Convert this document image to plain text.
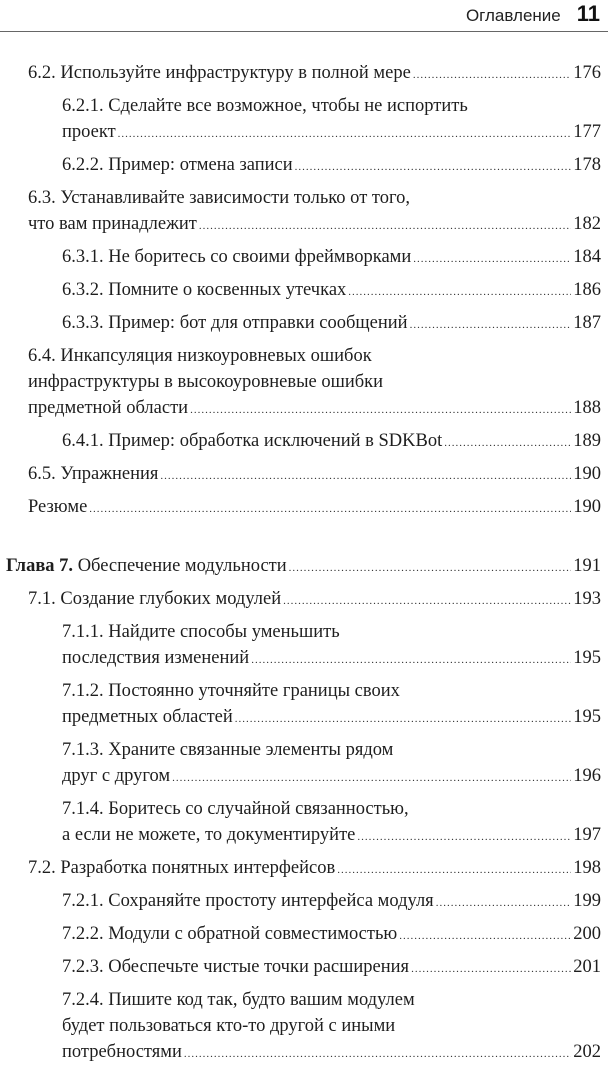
Оглавление 11
6.2. Используйте инфраструктуру в полной мере .....	176
6.2.1. Сделайте все возможное, чтобы не испортить
проект .....	177
6.2.2. Пример: отмена записи .....	178
6.3. Устанавливайте зависимости только от того,
что вам принадлежит .....	182
6.3.1. Не боритесь со своими фреймворками .....	184
6.3.2. Помните о косвенных утечках .....	186
6.3.3. Пример: бот для отправки сообщений .....	187
6.4. Инкапсуляция низкоуровневых ошибок
инфраструктуры в высокоуровневые ошибки
предметной области .....	188
6.4.1. Пример: обработка исключений в SDKBot .....	189
6.5. Упражнения .....	190
Резюме .....	190
Глава 7. Обеспечение модульности .....	191
7.1. Создание глубоких модулей .....	193
7.1.1. Найдите способы уменьшить
последствия изменений .....	195
7.1.2. Постоянно уточняйте границы своих
предметных областей .....	195
7.1.3. Храните связанные элементы рядом
друг с другом .....	196
7.1.4. Боритесь со случайной связанностью,
а если не можете, то документируйте .....	197
7.2. Разработка понятных интерфейсов .....	198
7.2.1. Сохраняйте простоту интерфейса модуля .....	199
7.2.2. Модули с обратной совместимостью .....	200
7.2.3. Обеспечьте чистые точки расширения .....	201
7.2.4. Пишите код так, будто вашим модулем
будет пользоваться кто-то другой с иными
потребностями .....	202
